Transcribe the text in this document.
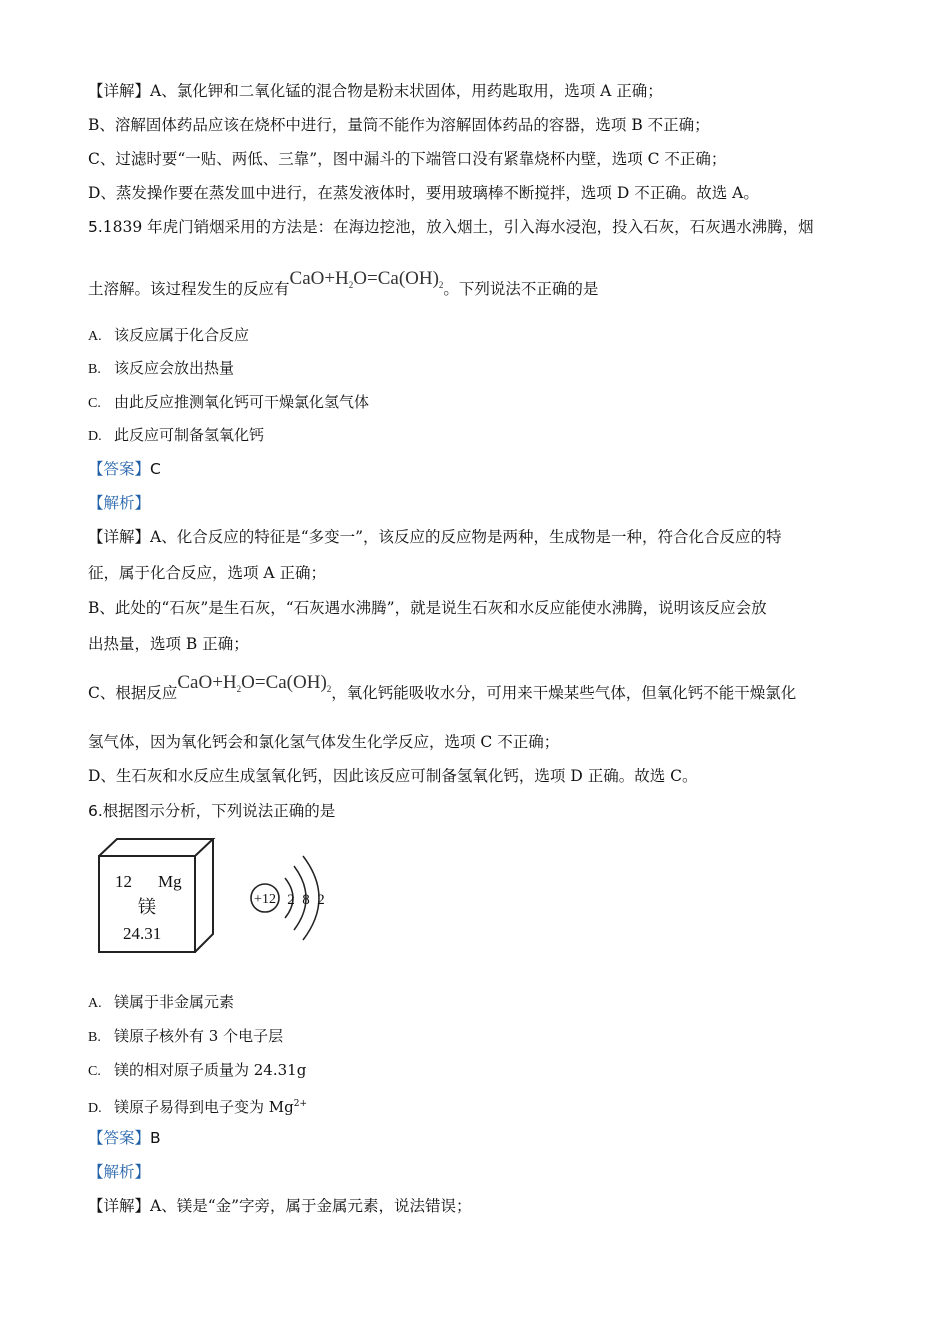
【详解】A、氯化钾和二氧化锰的混合物是粉末状固体，用药匙取用，选项 A 正确；
B、溶解固体药品应该在烧杯中进行，量筒不能作为溶解固体药品的容器，选项 B 不正确；
C、过滤时要“一贴、两低、三靠”，图中漏斗的下端管口没有紧靠烧杯内壁，选项 C 不正确；
D、蒸发操作要在蒸发皿中进行，在蒸发液体时，要用玻璃棒不断搅拌，选项 D 不正确。故选 A。
5.1839 年虎门销烟采用的方法是：在海边挖池，放入烟土，引入海水浸泡，投入石灰，石灰遇水沸腾，烟
土溶解。该过程发生的反应有$CaO+H_2O=Ca(OH)_2$。下列说法不正确的是
A. 该反应属于化合反应
B. 该反应会放出热量
C. 由此反应推测氧化钙可干燥氯化氢气体
D. 此反应可制备氢氧化钙
【答案】C
【解析】
【详解】A、化合反应的特征是“多变一”，该反应的反应物是两种，生成物是一种，符合化合反应的特
征，属于化合反应，选项 A 正确；
B、此处的“石灰”是生石灰，“石灰遇水沸腾”，就是说生石灰和水反应能使水沸腾，说明该反应会放
出热量，选项 B 正确；
C、根据反应$CaO+H_2O=Ca(OH)_2$，氧化钙能吸收水分，可用来干燥某些气体，但氧化钙不能干燥氯化
氢气体，因为氧化钙会和氯化氢气体发生化学反应，选项 C 不正确；
D、生石灰和水反应生成氢氧化钙，因此该反应可制备氢氧化钙，选项 D 正确。故选 C。
6.根据图示分析，下列说法正确的是
12 Mg
镁
24.31
+12 2 8 2
A. 镁属于非金属元素
B. 镁原子核外有 3 个电子层
C. 镁的相对原子质量为 24.31g
D. 镁原子易得到电子变为 $Mg^{2+}$
【答案】B
【解析】
【详解】A、镁是“金”字旁，属于金属元素，说法错误；
